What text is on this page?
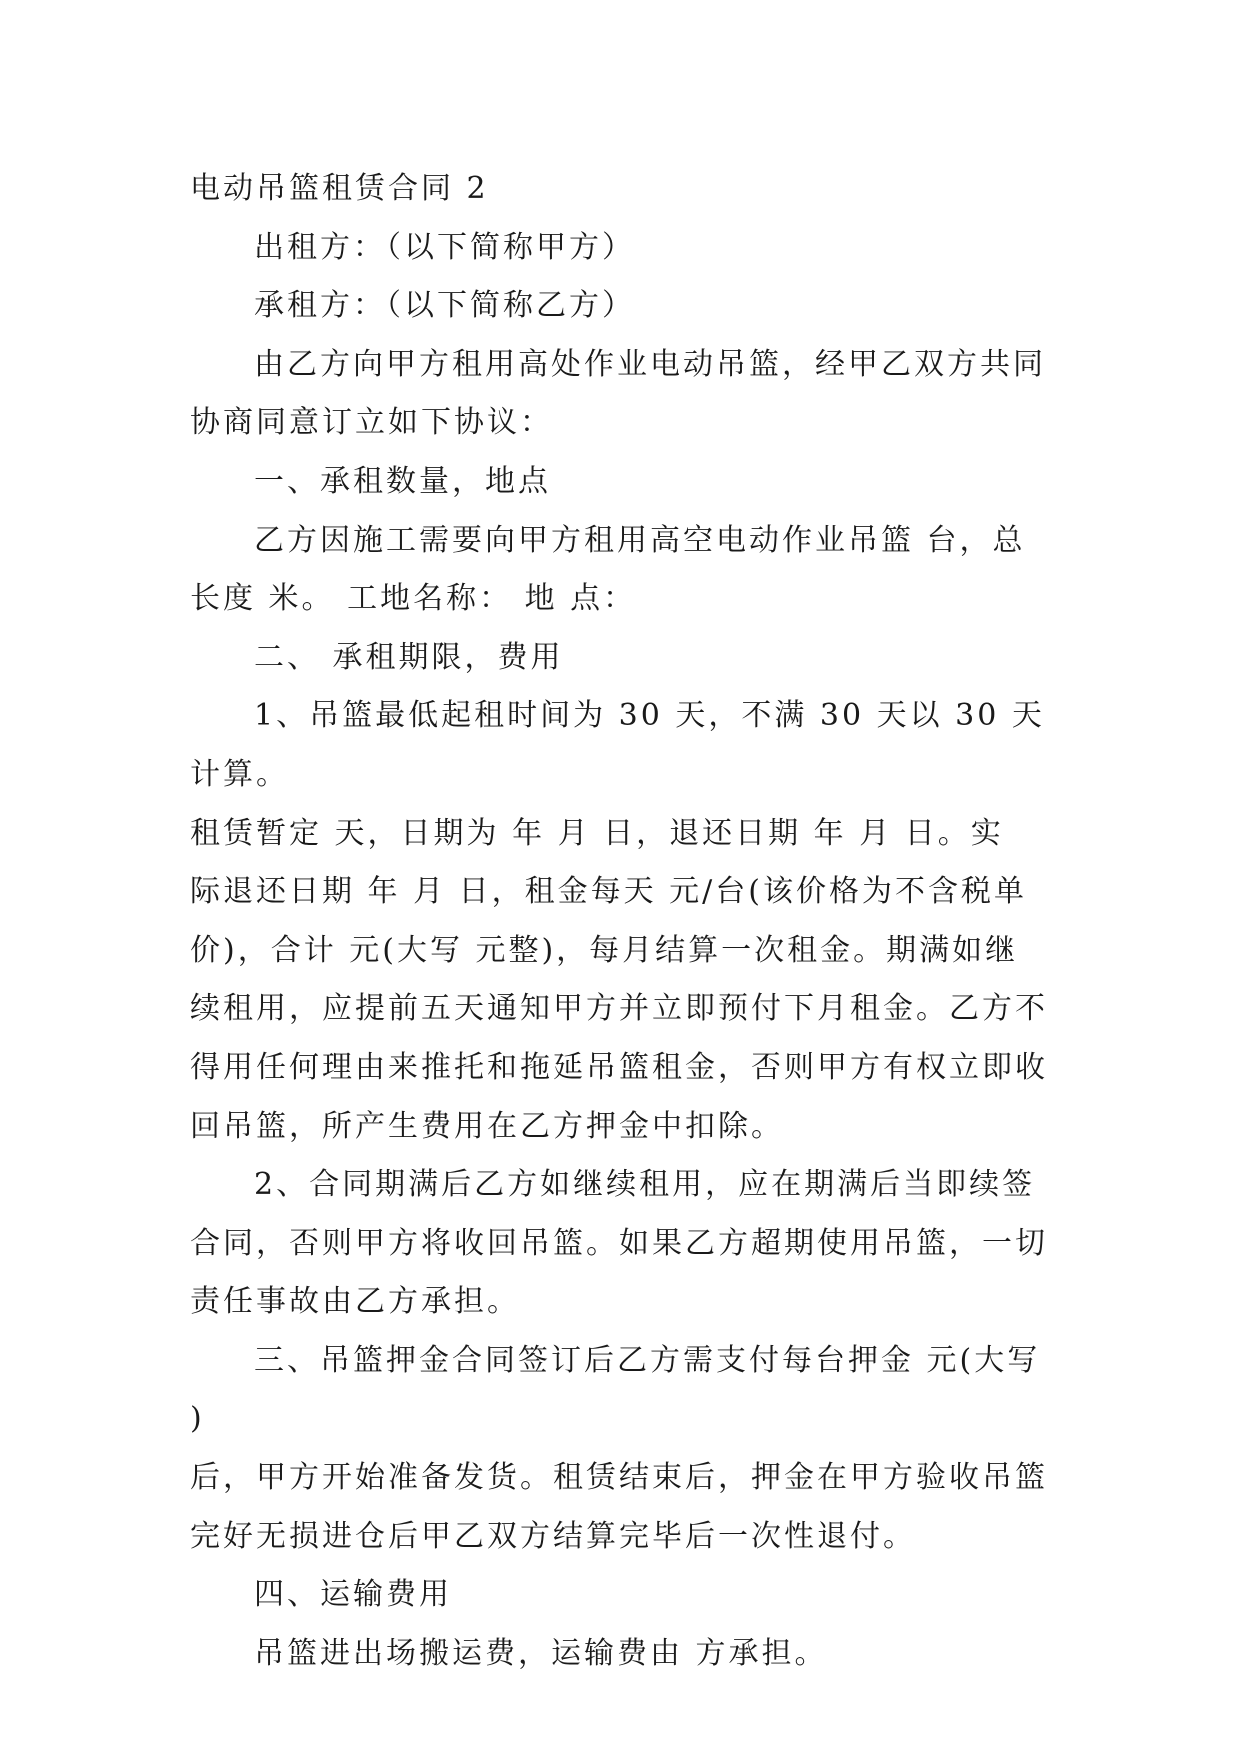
电动吊篮租赁合同 2

出租方：（以下简称甲方）

承租方：（以下简称乙方）

由乙方向甲方租用高处作业电动吊篮，经甲乙双方共同
协商同意订立如下协议：

一、承租数量，地点

乙方因施工需要向甲方租用高空电动作业吊篮 台，总
长度 米。 工地名称： 地 点：

二、 承租期限，费用

1、吊篮最低起租时间为 30 天，不满 30 天以 30 天计算。
租赁暂定 天，日期为 年 月 日，退还日期 年 月 日。实
际退还日期 年 月 日，租金每天 元/台(该价格为不含税单
价)，合计 元(大写 元整)，每月结算一次租金。期满如继
续租用，应提前五天通知甲方并立即预付下月租金。乙方不
得用任何理由来推托和拖延吊篮租金，否则甲方有权立即收
回吊篮，所产生费用在乙方押金中扣除。

2、合同期满后乙方如继续租用，应在期满后当即续签
合同，否则甲方将收回吊篮。如果乙方超期使用吊篮，一切
责任事故由乙方承担。

三、吊篮押金合同签订后乙方需支付每台押金 元(大写 )
后，甲方开始准备发货。租赁结束后，押金在甲方验收吊篮
完好无损进仓后甲乙双方结算完毕后一次性退付。

四、运输费用

吊篮进出场搬运费，运输费由 方承担。
